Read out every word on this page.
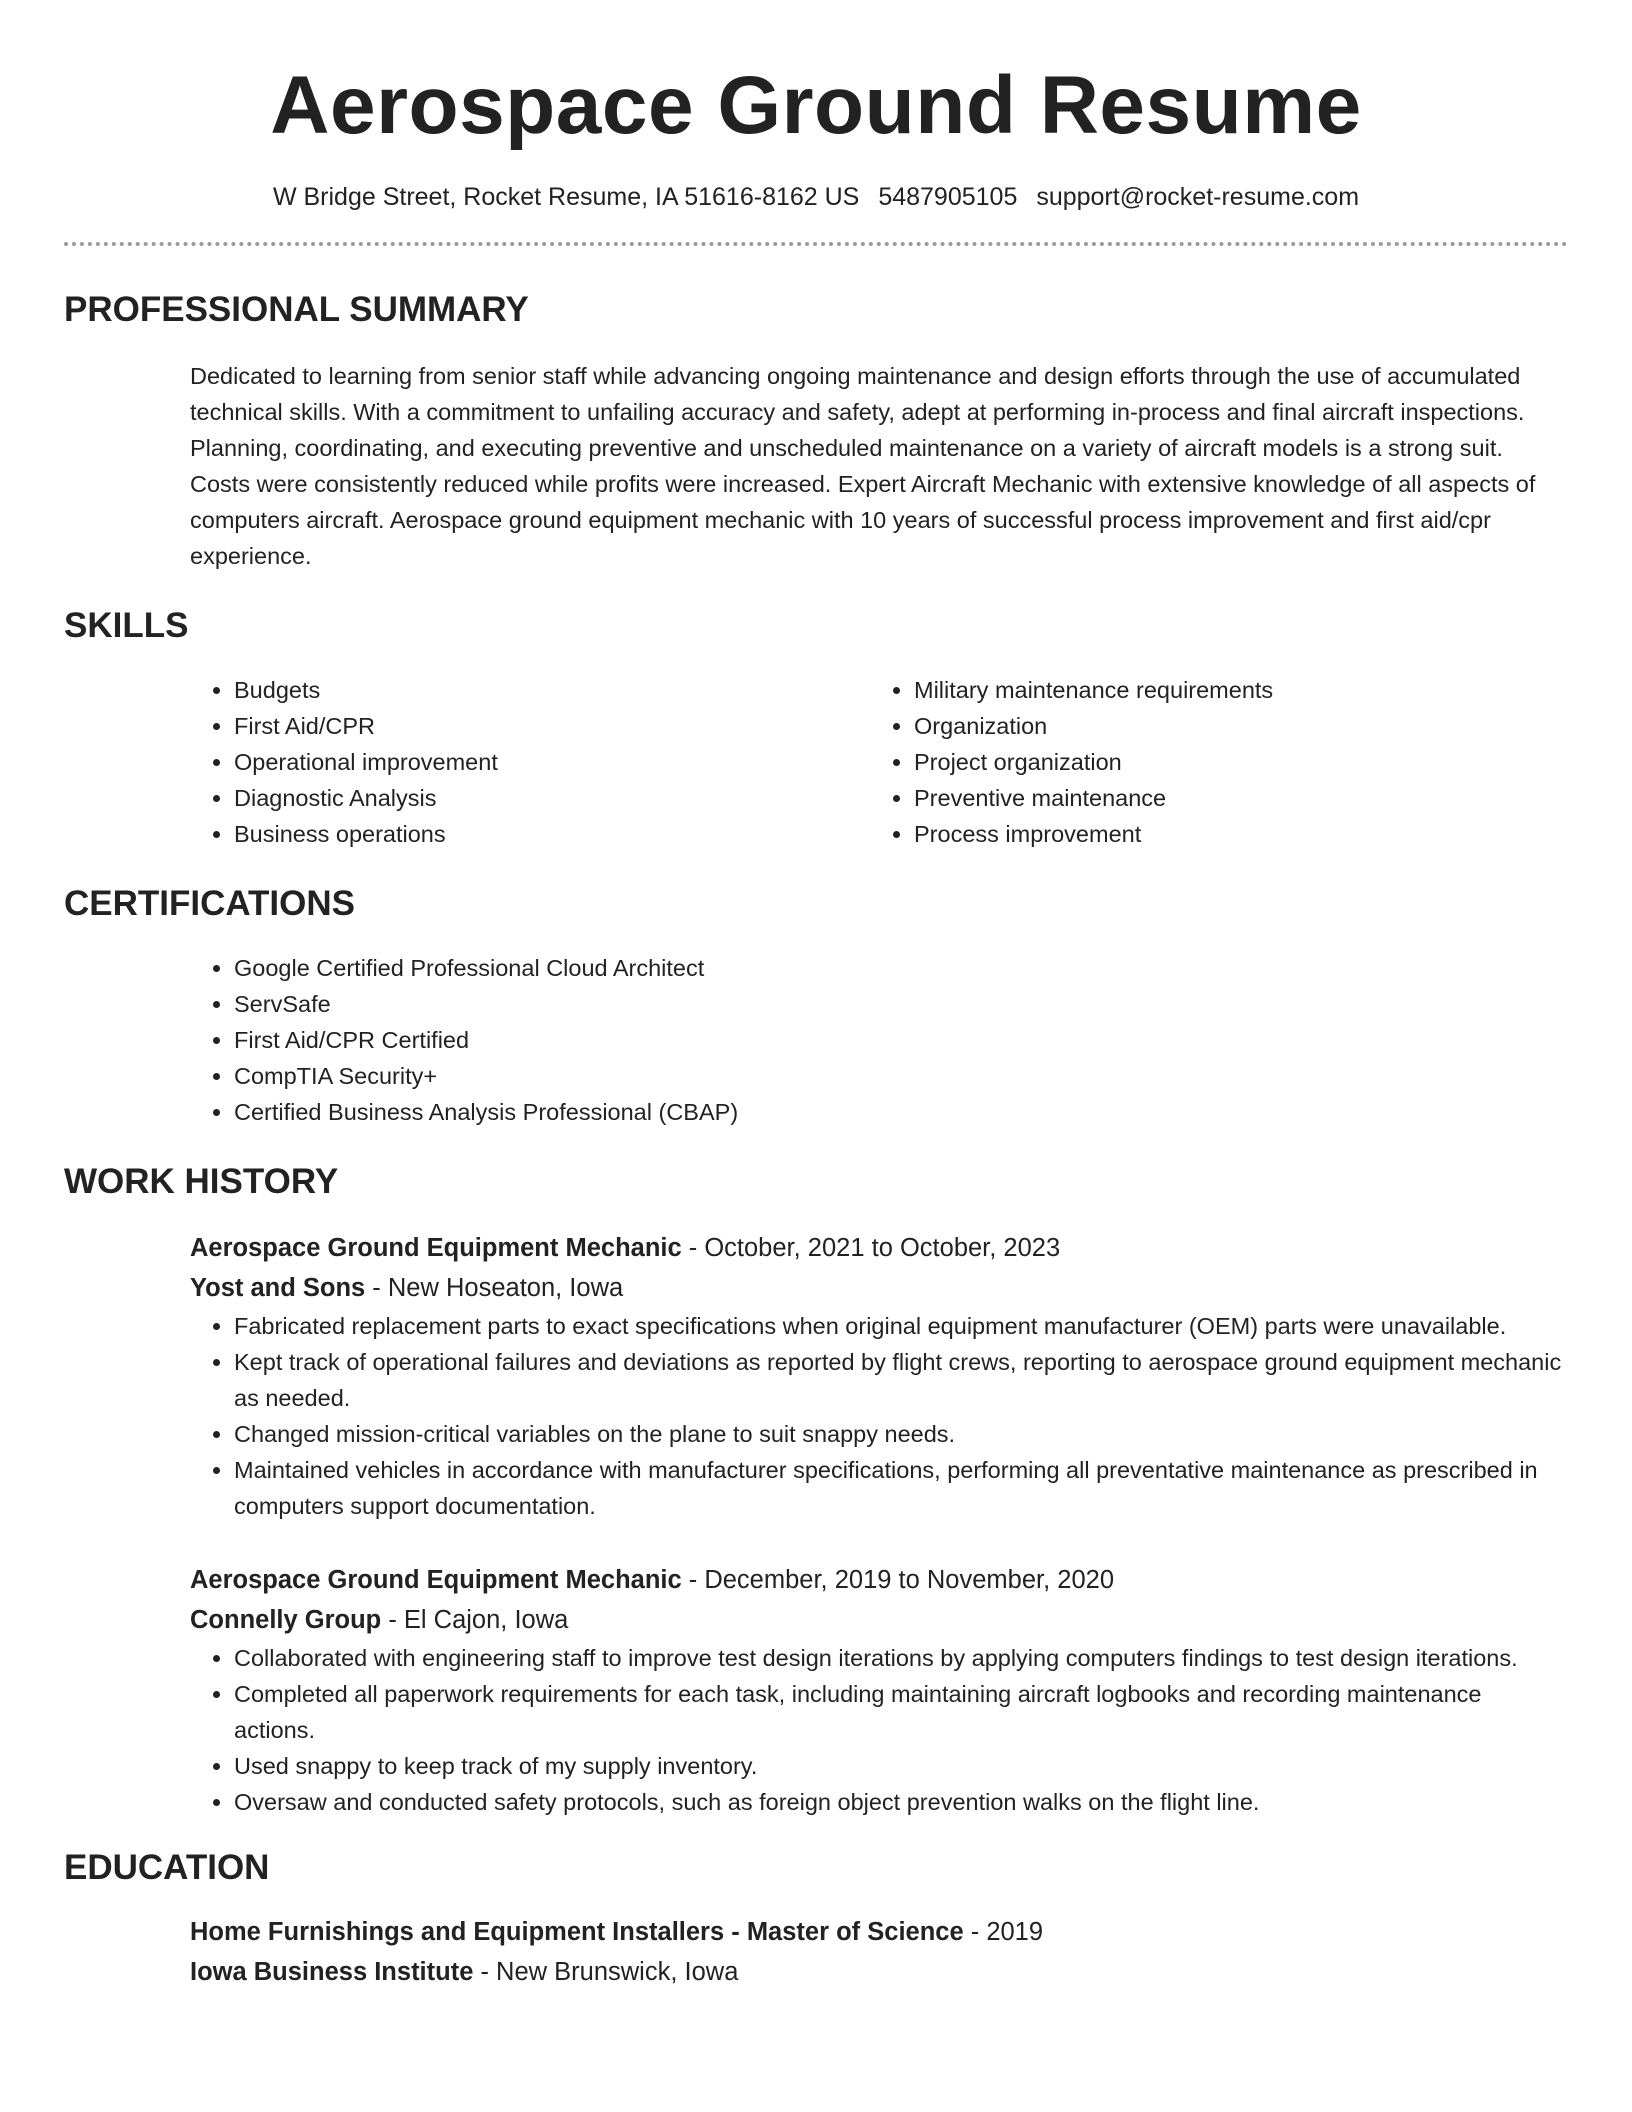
Aerospace Ground Resume
W Bridge Street, Rocket Resume, IA 51616-8162 US 5487905105 support@rocket-resume.com
PROFESSIONAL SUMMARY

Dedicated to learning from senior staff while advancing ongoing maintenance and design efforts through the use of accumulated technical skills. With a commitment to unfailing accuracy and safety, adept at performing in-process and final aircraft inspections. Planning, coordinating, and executing preventive and unscheduled maintenance on a variety of aircraft models is a strong suit. Costs were consistently reduced while profits were increased. Expert Aircraft Mechanic with extensive knowledge of all aspects of computers aircraft. Aerospace ground equipment mechanic with 10 years of successful process improvement and first aid/cpr experience.

SKILLS
• Budgets
• First Aid/CPR
• Operational improvement
• Diagnostic Analysis
• Business operations
• Military maintenance requirements
• Organization
• Project organization
• Preventive maintenance
• Process improvement
CERTIFICATIONS
• Google Certified Professional Cloud Architect
• ServSafe
• First Aid/CPR Certified
• CompTIA Security+
• Certified Business Analysis Professional (CBAP)
WORK HISTORY
Aerospace Ground Equipment Mechanic - October, 2021 to October, 2023
Yost and Sons - New Hoseaton, Iowa
• Fabricated replacement parts to exact specifications when original equipment manufacturer (OEM) parts were unavailable.
• Kept track of operational failures and deviations as reported by flight crews, reporting to aerospace ground equipment mechanic as needed.
• Changed mission-critical variables on the plane to suit snappy needs.
• Maintained vehicles in accordance with manufacturer specifications, performing all preventative maintenance as prescribed in computers support documentation.
Aerospace Ground Equipment Mechanic - December, 2019 to November, 2020
Connelly Group - El Cajon, Iowa
• Collaborated with engineering staff to improve test design iterations by applying computers findings to test design iterations.
• Completed all paperwork requirements for each task, including maintaining aircraft logbooks and recording maintenance actions.
• Used snappy to keep track of my supply inventory.
• Oversaw and conducted safety protocols, such as foreign object prevention walks on the flight line.
EDUCATION
Home Furnishings and Equipment Installers - Master of Science - 2019
Iowa Business Institute - New Brunswick, Iowa
